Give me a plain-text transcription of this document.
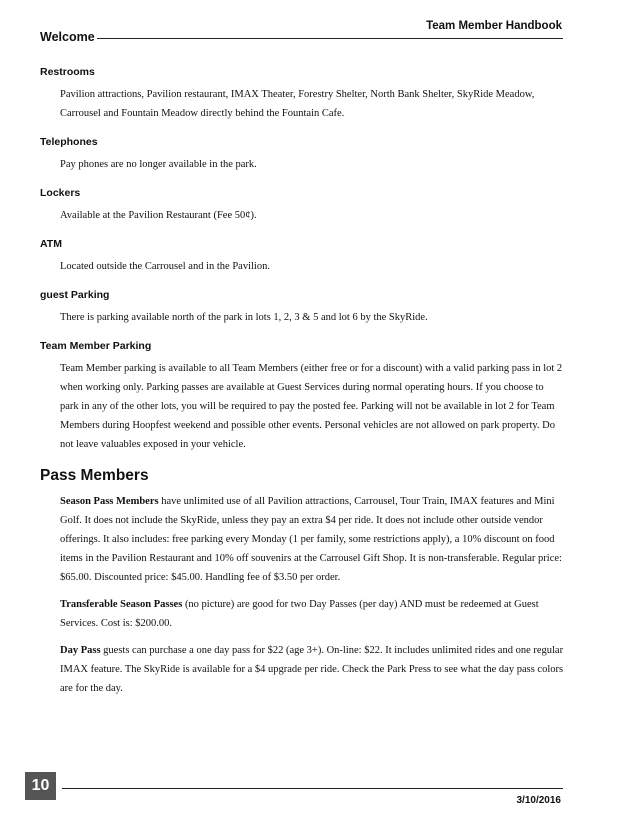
Team Member Handbook
Welcome
Restrooms

Pavilion attractions, Pavilion restaurant, IMAX Theater, Forestry Shelter, North Bank Shelter, SkyRide Meadow, Carrousel and Fountain Meadow directly behind the Fountain Cafe.

Telephones

Pay phones are no longer available in the park.

Lockers

Available at the Pavilion Restaurant (Fee 50¢).

ATM

Located outside the Carrousel and in the Pavilion.

guest Parking

There is parking available north of the park in lots 1, 2, 3 & 5 and lot 6 by the SkyRide.

Team Member Parking

Team Member parking is available to all Team Members (either free or for a discount) with a valid parking pass in lot 2 when working only. Parking passes are available at Guest Services during normal operating hours. If you choose to park in any of the other lots, you will be required to pay the posted fee. Parking will not be available in lot 2 for Team Members during Hoopfest weekend and possible other events. Personal vehicles are not allowed on park property. Do not leave valuables exposed in your vehicle.

Pass Members

Season Pass Members have unlimited use of all Pavilion attractions, Carrousel, Tour Train, IMAX features and Mini Golf. It does not include the SkyRide, unless they pay an extra $4 per ride. It does not include other outside vendor offerings. It also includes: free parking every Monday (1 per family, some restrictions apply), a 10% discount on food items in the Pavilion Restaurant and 10% off souvenirs at the Carrousel Gift Shop. It is non-transferable. Regular price: $65.00. Discounted price: $45.00. Handling fee of $3.50 per order.

Transferable Season Passes (no picture) are good for two Day Passes (per day) AND must be redeemed at Guest Services. Cost is: $200.00.

Day Pass guests can purchase a one day pass for $22 (age 3+). On-line: $22. It includes unlimited rides and one regular IMAX feature. The SkyRide is available for a $4 upgrade per ride. Check the Park Press to see what the day pass colors are for the day.

10
3/10/2016
